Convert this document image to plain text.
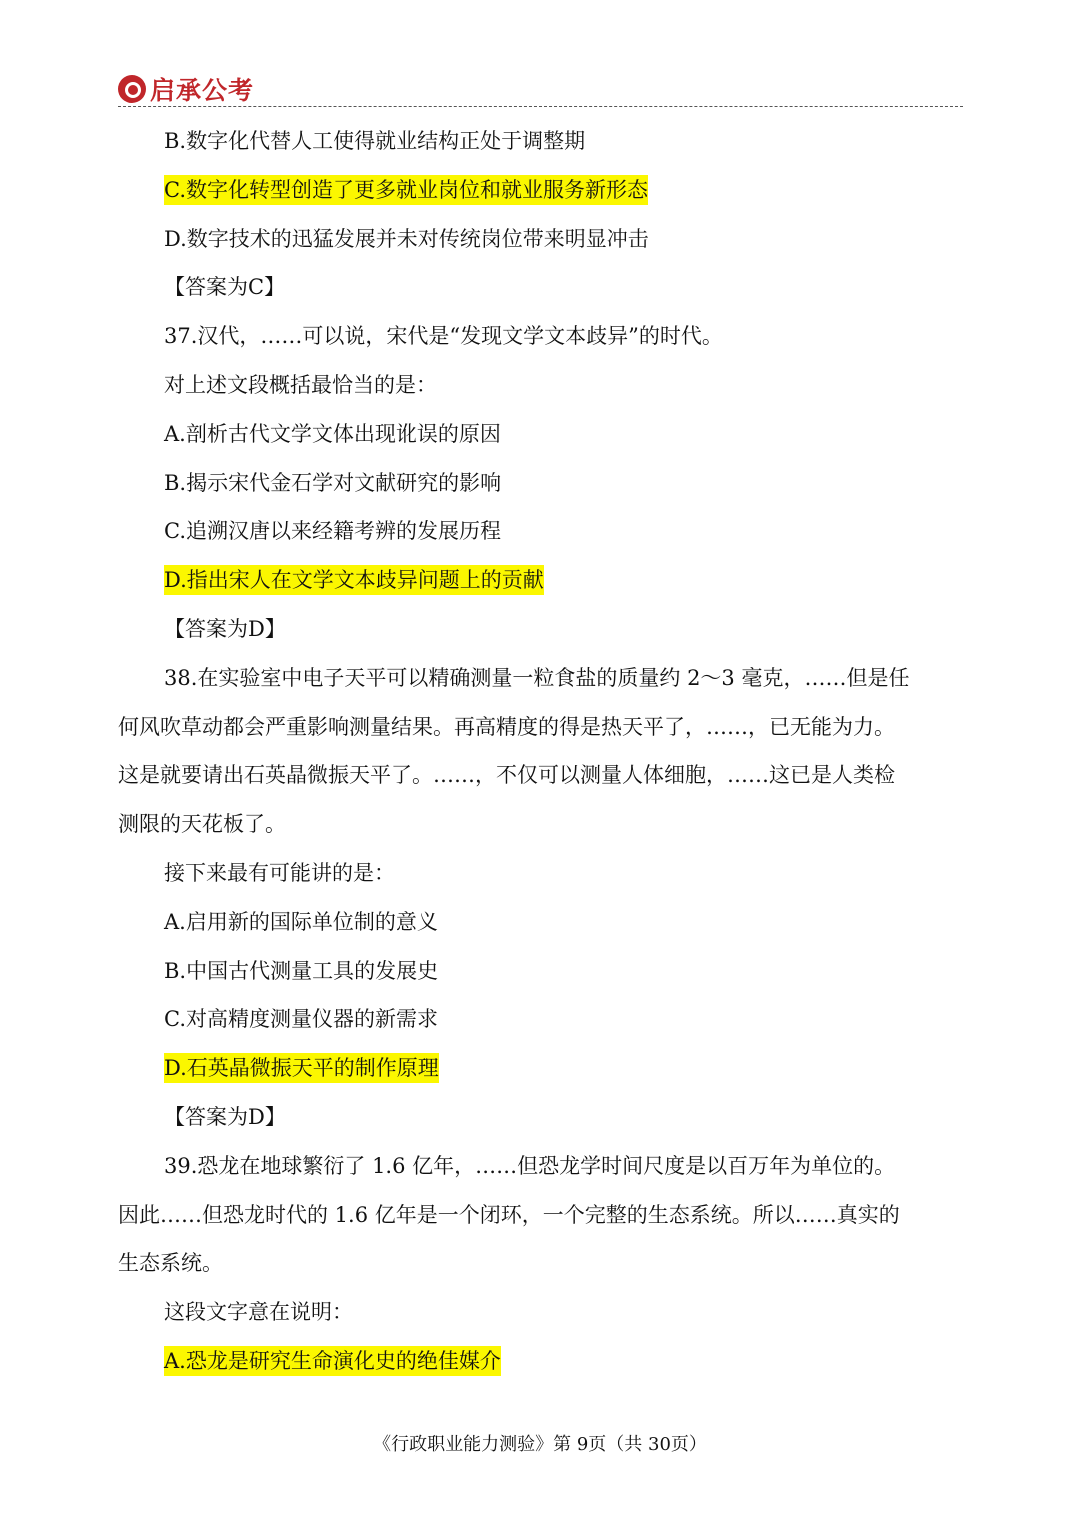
启承公考
B.数字化代替人工使得就业结构正处于调整期
C.数字化转型创造了更多就业岗位和就业服务新形态
D.数字技术的迅猛发展并未对传统岗位带来明显冲击
【答案为C】
37.汉代，……可以说，宋代是“发现文学文本歧异”的时代。
对上述文段概括最恰当的是：
A.剖析古代文学文体出现讹误的原因
B.揭示宋代金石学对文献研究的影响
C.追溯汉唐以来经籍考辨的发展历程
D.指出宋人在文学文本歧异问题上的贡献
【答案为D】
38.在实验室中电子天平可以精确测量一粒食盐的质量约 2～3 毫克，……但是任
何风吹草动都会严重影响测量结果。再高精度的得是热天平了，……，已无能为力。
这是就要请出石英晶微振天平了。……，不仅可以测量人体细胞，……这已是人类检
测限的天花板了。
接下来最有可能讲的是：
A.启用新的国际单位制的意义
B.中国古代测量工具的发展史
C.对高精度测量仪器的新需求
D.石英晶微振天平的制作原理
【答案为D】
39.恐龙在地球繁衍了 1.6 亿年，……但恐龙学时间尺度是以百万年为单位的。
因此……但恐龙时代的 1.6 亿年是一个闭环，一个完整的生态系统。所以……真实的
生态系统。
这段文字意在说明：
A.恐龙是研究生命演化史的绝佳媒介
《行政职业能力测验》第 9页（共 30页）
